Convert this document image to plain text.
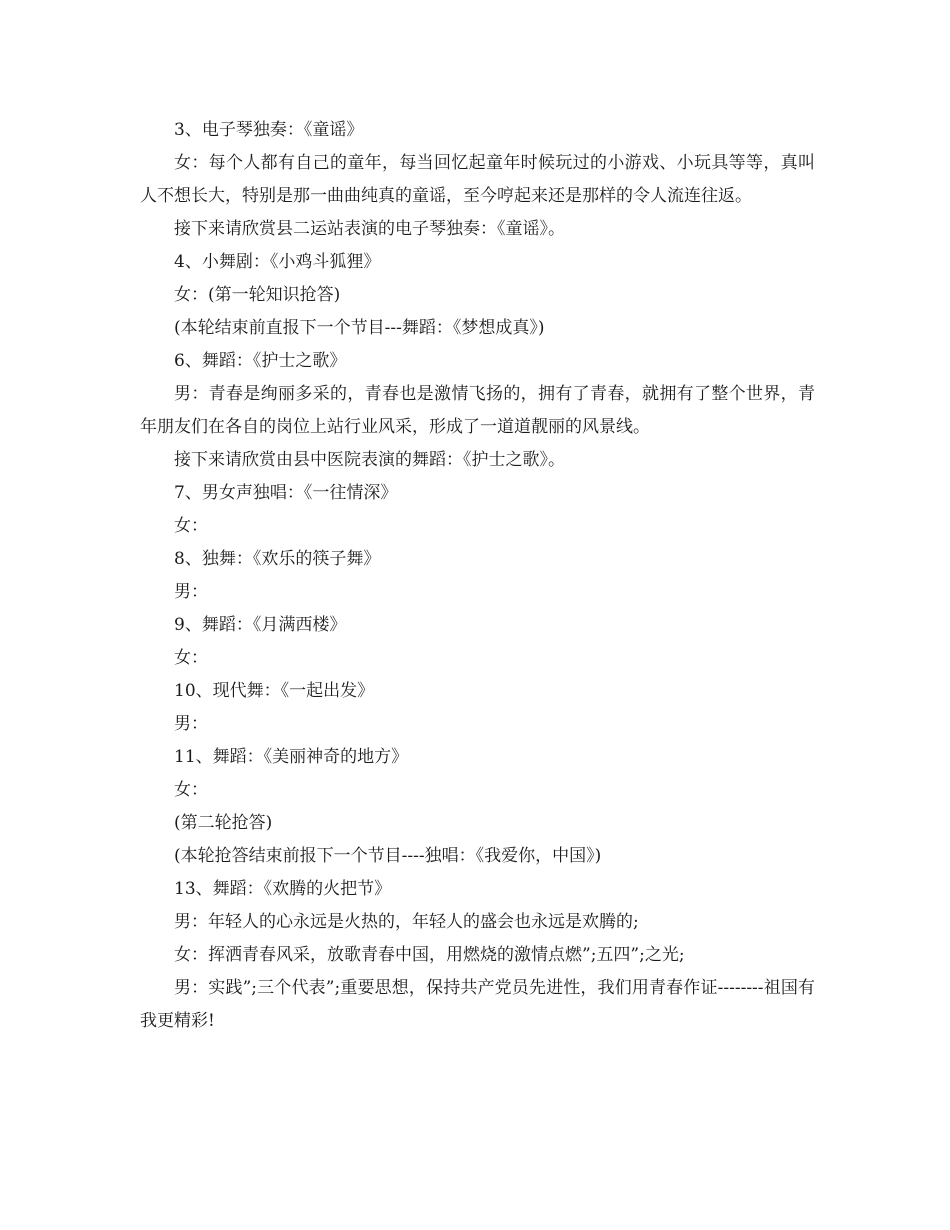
3、电子琴独奏：《童谣》

女：每个人都有自己的童年，每当回忆起童年时候玩过的小游戏、小玩具等等，真叫人不想长大，特别是那一曲曲纯真的童谣，至今哼起来还是那样的令人流连往返。

接下来请欣赏县二运站表演的电子琴独奏：《童谣》。

4、小舞剧：《小鸡斗狐狸》

女：(第一轮知识抢答)

(本轮结束前直报下一个节目---舞蹈：《梦想成真》)

6、舞蹈：《护士之歌》

男：青春是绚丽多采的，青春也是激情飞扬的，拥有了青春，就拥有了整个世界，青年朋友们在各自的岗位上站行业风采，形成了一道道靓丽的风景线。

接下来请欣赏由县中医院表演的舞蹈：《护士之歌》。

7、男女声独唱：《一往情深》

女：

8、独舞：《欢乐的筷子舞》

男：

9、舞蹈：《月满西楼》

女：

10、现代舞：《一起出发》

男：

11、舞蹈：《美丽神奇的地方》

女：

(第二轮抢答)

(本轮抢答结束前报下一个节目----独唱：《我爱你，中国》)

13、舞蹈：《欢腾的火把节》

男：年轻人的心永远是火热的，年轻人的盛会也永远是欢腾的;

女：挥洒青春风采，放歌青春中国，用燃烧的激情点燃”;五四”;之光;

男：实践”;三个代表”;重要思想，保持共产党员先进性，我们用青春作证--------祖国有我更精彩!
